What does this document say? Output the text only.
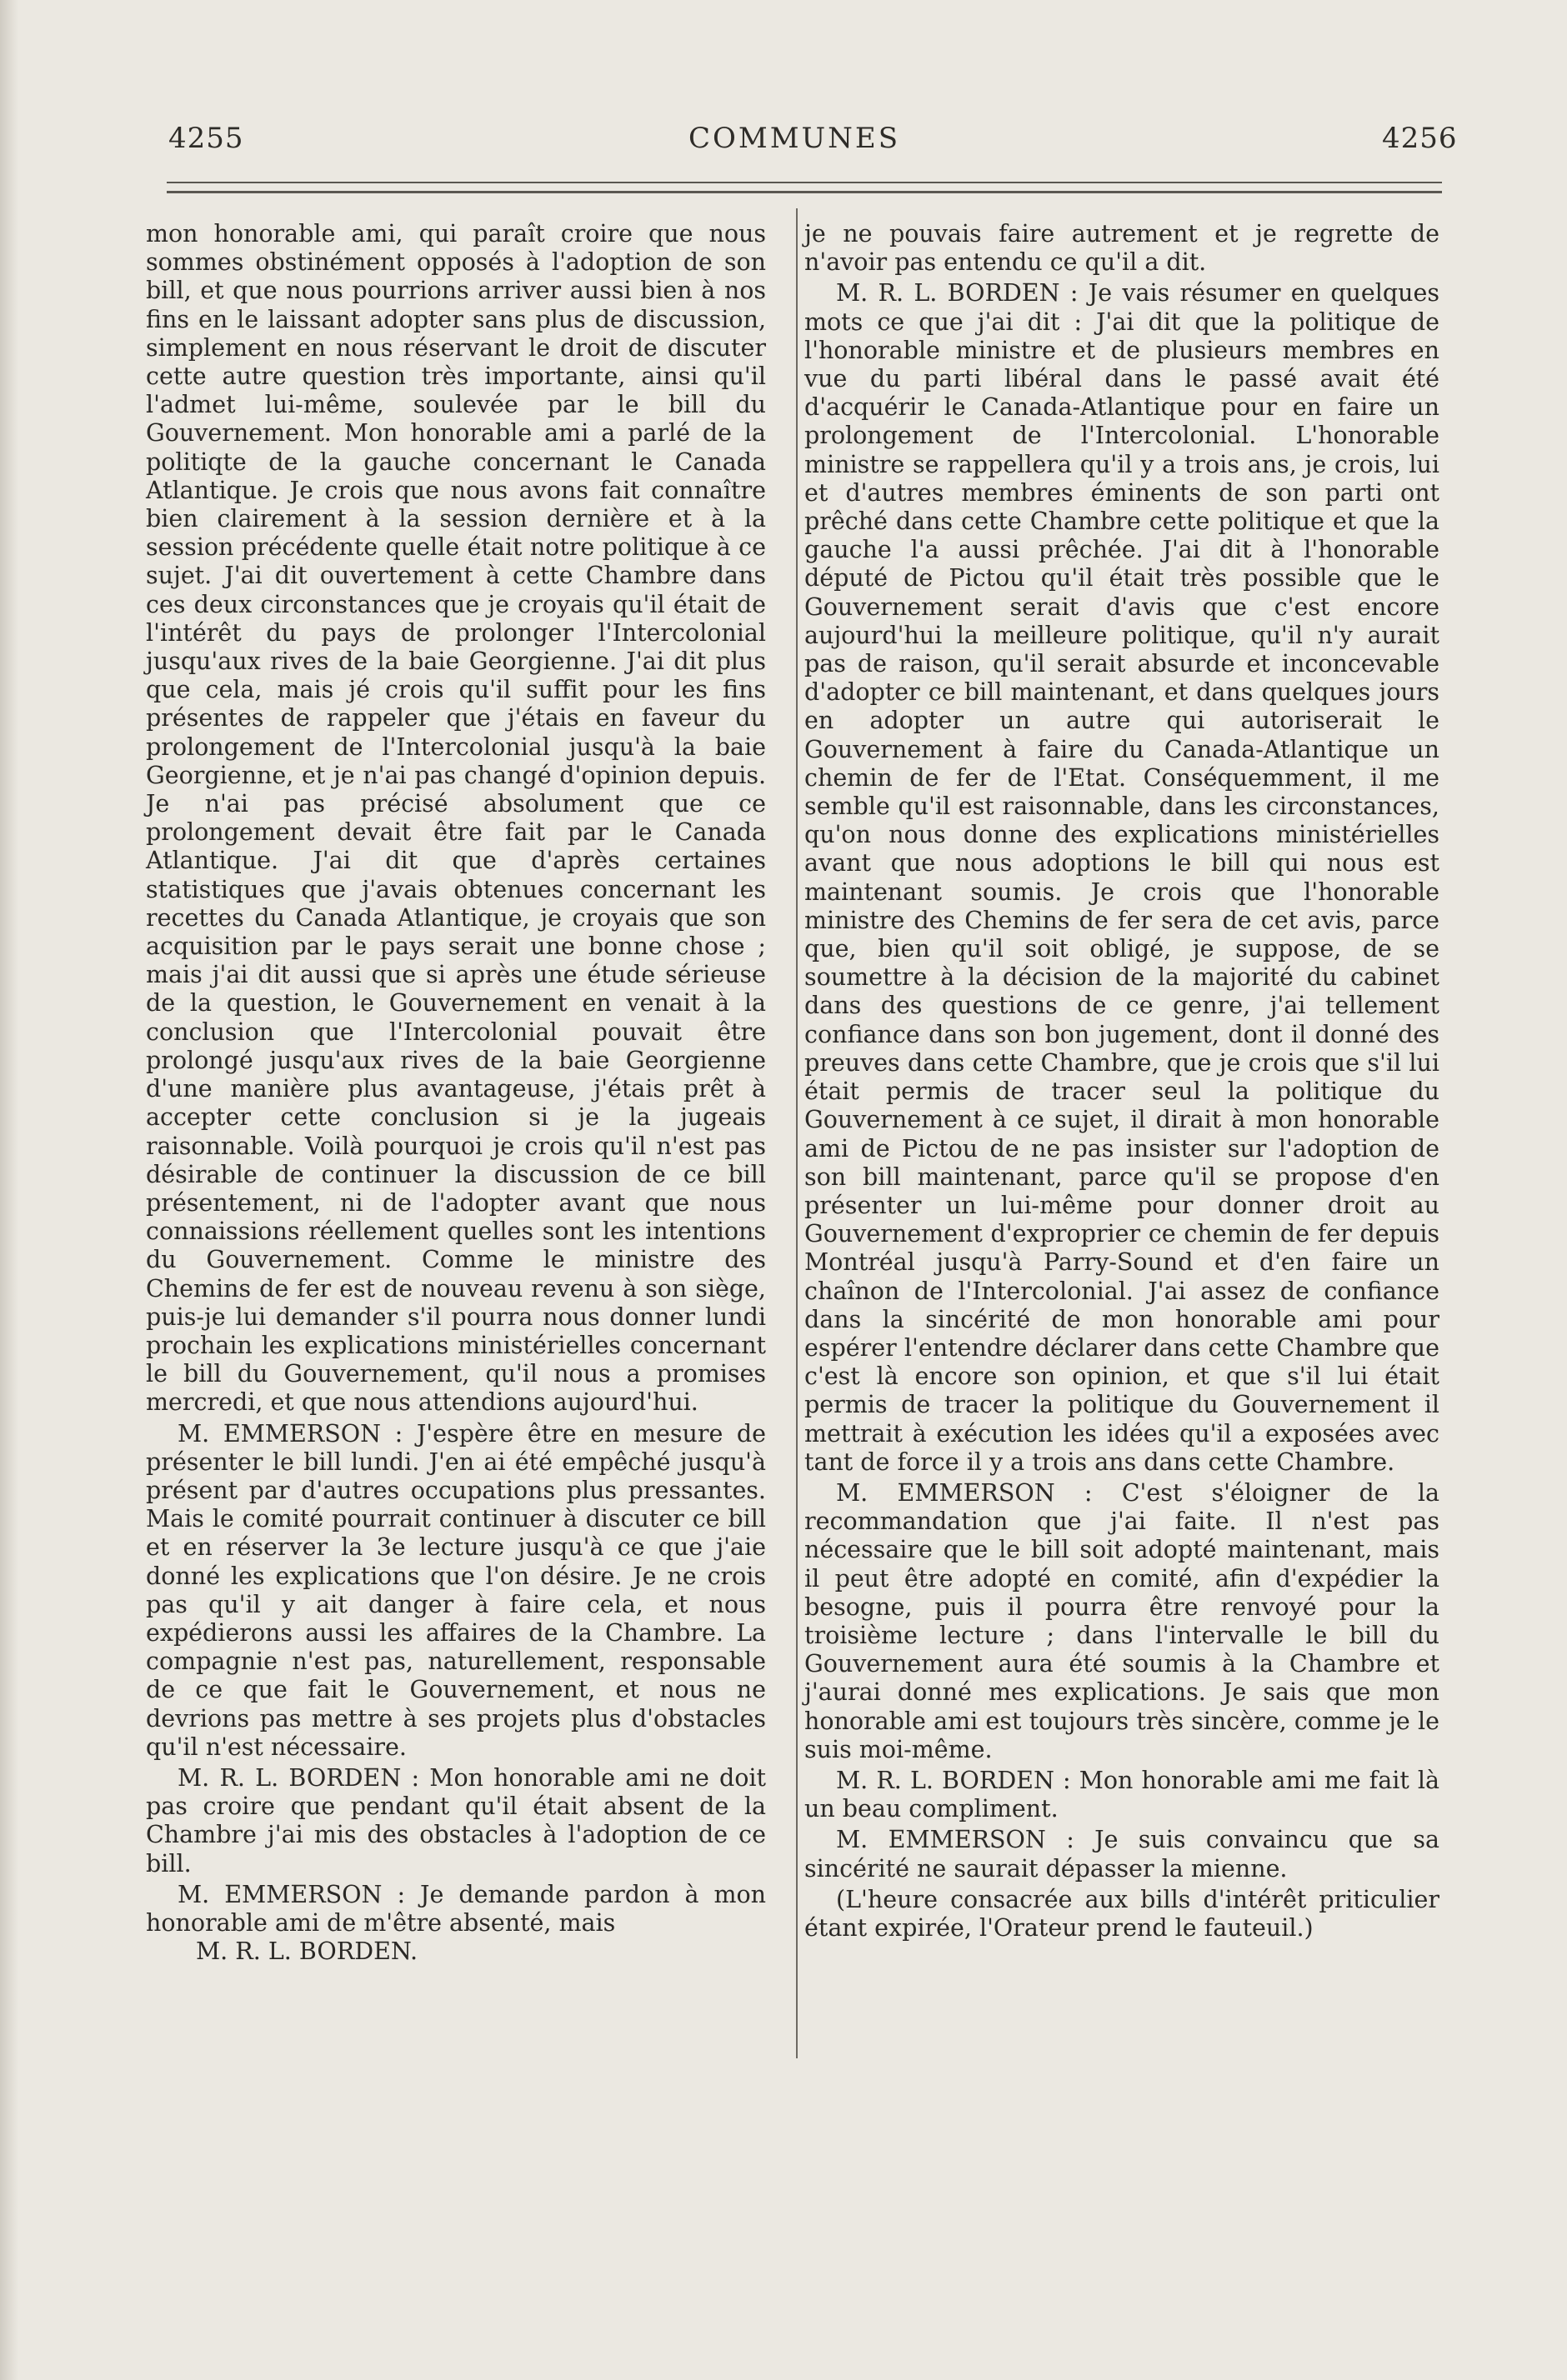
4255	COMMUNES	4256

mon honorable ami, qui paraît croire que nous sommes obstinément opposés à l'adoption de son bill, et que nous pourrions arriver aussi bien à nos fins en le laissant adopter sans plus de discussion, simplement en nous réservant le droit de discuter cette autre question très importante, ainsi qu'il l'admet lui-même, soulevée par le bill du Gouvernement. Mon honorable ami a parlé de la politiqte de la gauche concernant le Canada Atlantique. Je crois que nous avons fait connaître bien clairement à la session dernière et à la session précédente quelle était notre politique à ce sujet. J'ai dit ouvertement à cette Chambre dans ces deux circonstances que je croyais qu'il était de l'intérêt du pays de prolonger l'Intercolonial jusqu'aux rives de la baie Georgienne. J'ai dit plus que cela, mais jé crois qu'il suffit pour les fins présentes de rappeler que j'étais en faveur du prolongement de l'Intercolonial jusqu'à la baie Georgienne, et je n'ai pas changé d'opinion depuis. Je n'ai pas précisé absolument que ce prolongement devait être fait par le Canada Atlantique. J'ai dit que d'après certaines statistiques que j'avais obtenues concernant les recettes du Canada Atlantique, je croyais que son acquisition par le pays serait une bonne chose ; mais j'ai dit aussi que si après une étude sérieuse de la question, le Gouvernement en venait à la conclusion que l'Intercolonial pouvait être prolongé jusqu'aux rives de la baie Georgienne d'une manière plus avantageuse, j'étais prêt à accepter cette conclusion si je la jugeais raisonnable. Voilà pourquoi je crois qu'il n'est pas désirable de continuer la discussion de ce bill présentement, ni de l'adopter avant que nous connaissions réellement quelles sont les intentions du Gouvernement. Comme le ministre des Chemins de fer est de nouveau revenu à son siège, puis-je lui demander s'il pourra nous donner lundi prochain les explications ministérielles concernant le bill du Gouvernement, qu'il nous a promises mercredi, et que nous attendions aujourd'hui.

M. EMMERSON : J'espère être en mesure de présenter le bill lundi. J'en ai été empêché jusqu'à présent par d'autres occupations plus pressantes. Mais le comité pourrait continuer à discuter ce bill et en réserver la 3e lecture jusqu'à ce que j'aie donné les explications que l'on désire. Je ne crois pas qu'il y ait danger à faire cela, et nous expédierons aussi les affaires de la Chambre. La compagnie n'est pas, naturellement, responsable de ce que fait le Gouvernement, et nous ne devrions pas mettre à ses projets plus d'obstacles qu'il n'est nécessaire.

M. R. L. BORDEN : Mon honorable ami ne doit pas croire que pendant qu'il était absent de la Chambre j'ai mis des obstacles à l'adoption de ce bill.

M. EMMERSON : Je demande pardon à mon honorable ami de m'être absenté, mais

M. R. L. BORDEN.

je ne pouvais faire autrement et je regrette de n'avoir pas entendu ce qu'il a dit.

M. R. L. BORDEN : Je vais résumer en quelques mots ce que j'ai dit : J'ai dit que la politique de l'honorable ministre et de plusieurs membres en vue du parti libéral dans le passé avait été d'acquérir le Canada-Atlantique pour en faire un prolongement de l'Intercolonial. L'honorable ministre se rappellera qu'il y a trois ans, je crois, lui et d'autres membres éminents de son parti ont prêché dans cette Chambre cette politique et que la gauche l'a aussi prêchée. J'ai dit à l'honorable député de Pictou qu'il était très possible que le Gouvernement serait d'avis que c'est encore aujourd'hui la meilleure politique, qu'il n'y aurait pas de raison, qu'il serait absurde et inconcevable d'adopter ce bill maintenant, et dans quelques jours en adopter un autre qui autoriserait le Gouvernement à faire du Canada-Atlantique un chemin de fer de l'Etat. Conséquemment, il me semble qu'il est raisonnable, dans les circonstances, qu'on nous donne des explications ministérielles avant que nous adoptions le bill qui nous est maintenant soumis. Je crois que l'honorable ministre des Chemins de fer sera de cet avis, parce que, bien qu'il soit obligé, je suppose, de se soumettre à la décision de la majorité du cabinet dans des questions de ce genre, j'ai tellement confiance dans son bon jugement, dont il donné des preuves dans cette Chambre, que je crois que s'il lui était permis de tracer seul la politique du Gouvernement à ce sujet, il dirait à mon honorable ami de Pictou de ne pas insister sur l'adoption de son bill maintenant, parce qu'il se propose d'en présenter un lui-même pour donner droit au Gouvernement d'exproprier ce chemin de fer depuis Montréal jusqu'à Parry-Sound et d'en faire un chaînon de l'Intercolonial. J'ai assez de confiance dans la sincérité de mon honorable ami pour espérer l'entendre déclarer dans cette Chambre que c'est là encore son opinion, et que s'il lui était permis de tracer la politique du Gouvernement il mettrait à exécution les idées qu'il a exposées avec tant de force il y a trois ans dans cette Chambre.

M. EMMERSON : C'est s'éloigner de la recommandation que j'ai faite. Il n'est pas nécessaire que le bill soit adopté maintenant, mais il peut être adopté en comité, afin d'expédier la besogne, puis il pourra être renvoyé pour la troisième lecture ; dans l'intervalle le bill du Gouvernement aura été soumis à la Chambre et j'aurai donné mes explications. Je sais que mon honorable ami est toujours très sincère, comme je le suis moi-même.

M. R. L. BORDEN : Mon honorable ami me fait là un beau compliment.

M. EMMERSON : Je suis convaincu que sa sincérité ne saurait dépasser la mienne.

(L'heure consacrée aux bills d'intérêt priticulier étant expirée, l'Orateur prend le fauteuil.)
